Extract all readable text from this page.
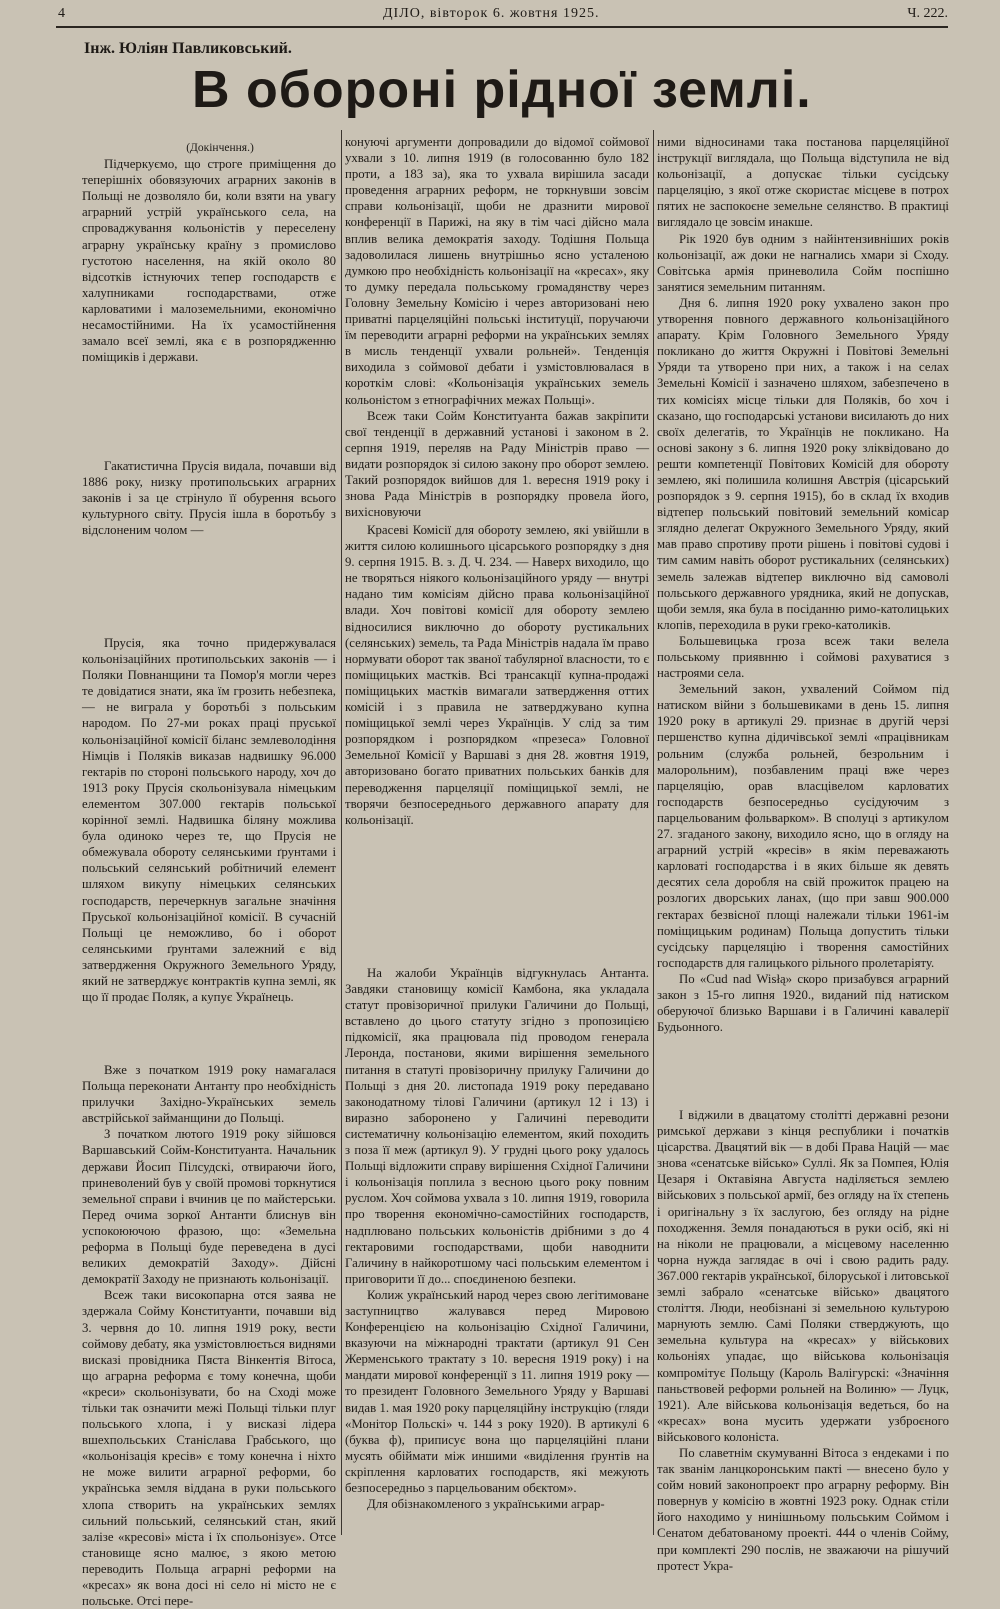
4	ДІЛО, вівторок 6. жовтня 1925.	Ч. 222.
Інж. Юліян Павликовський.
В обороні рідної землі.

(Докінчення.)

Підчеркуємо, що строге приміщення до теперішніх обовязуючих аграрних законів в Польщі не дозволяло би, коли взяти на увагу аграрний устрій українського села, на спроваджування кольоністів у переселену аграрну українську країну з промислово густотою населення, на якій около 80 відсотків істнуючих тепер господарств є халупниками господарствами, отже карловатими і малоземельними, економічно несамостійними. На їх усамостійнення замало всеї землі, яка є в розпорядженню поміщиків і держави.

Гакатистична Прусія видала, почавши від 1886 року, низку протипольських аграрних законів і за це стрінуло її обурення всього культурного світу. Прусія ішла в боротьбу з відслоненим чолом —

Прусія, яка точно придержувалася кольонізаційних протипольських законів — і Поляки Повнанщини та Помор'я могли через те довідатися знати, яка їм грозить небезпека, — не виграла у боротьбі з польським народом. По 27-ми роках праці пруської кольонізаційної комісії біланс землеволодіння Німців і Поляків виказав надвишку 96.000 гектарів по стороні польського народу, хоч до 1913 року Прусія скольонізувала німецьким елементом 307.000 гектарів польської корінної землі. Надвишка біляну можлива була одиноко через те, що Прусія не обмежувала обороту селянськими ґрунтами і польський селянський робітничий елемент шляхом викупу німецьких селянських господарств, перечеркнув загальне значіння Пруської кольонізаційної комісії. В сучасній Польщі це неможливо, бо і оборот селянськими ґрунтами залежний є від затвердження Окружного Земельного Уряду, який не затверджує контрактів купна землі, як що її продає Поляк, а купує Українець.

Вже з початком 1919 року намагалася Польща переконати Антанту про необхідність прилучки Західно-Українських земель австрійської займанщини до Польщі.

З початком лютого 1919 року зійшовся Варшавський Сойм-Конституанта. Начальник держави Йосип Пілсудскі, отвираючи його, приневолений був у своїй промові торкнутися земельної справи і вчинив це по майстерськи. Перед очима зоркої Антанти блиснув він успокоюючою фразою, що: «Земельна реформа в Польщі буде переведена в дусі великих демократій Заходу». Дійсні демократії Заходу не признають кольонізації.

Всеж таки високопарна отся заява не здержала Сойму Конституанти, почавши від 3. червня до 10. липня 1919 року, вести соймову дебату, яка узмістовлюється виднями висказі провідника Пяста Вінкентія Вітоса, що аграрна реформа є тому конечна, щоби «креси» скольонізувати, бо на Сході може тільки так означити межі Польщі тільки плуг польського хлопа, і у висказі лідера вшехпольських Станіслава Грабського, що «кольонізація кресів» є тому конечна і ніхто не може вилити аграрної реформи, бо українська земля віддана в руки польського хлопа створить на українських землях сильний польський, селянський стан, який залізе «кресові» міста і їх спольонізує». Отсе становище ясно малює, з якою метою переводить Польща аграрні реформи на «кресах» як вона досі ні село ні місто не є польське. Отсі пере-

конуючі аргументи допровадили до відомої соймової ухвали з 10. липня 1919 (в голосованню було 182 проти, а 183 за), яка то ухвала вирішила засади проведення аграрних реформ, не торкнувши зовсім справи кольонізації, щоби не дразнити мирової конференції в Парижі, на яку в тім часі дійсно мала вплив велика демократія заходу. Тодішня Польща задоволилася лишень внутрішньо ясно усталеною думкою про необхідність кольонізації на «кресах», яку то думку передала польському громадянству через Головну Земельну Комісію і через авторизовані нею приватні парцеляційні польські інституції, поручаючи їм переводити аграрні реформи на українських землях в мисль тенденції ухвали рольней». Тенденція виходила з соймової дебати і узмістовлювалася в короткім слові: «Кольонізація українських земель кольоністом з етнографічних межах Польщі».

Всеж таки Сойм Конституанта бажав закріпити свої тенденції в державний установі і законом в 2. серпня 1919, переляв на Раду Міністрів право — видати розпорядок зі силою закону про оборот землею. Такий розпорядок вийшов для 1. вересня 1919 року і знова Рада Міністрів в розпорядку провела його, вихісновуючи

Красеві Комісії для обороту землею, які увійшли в життя силою колишнього цісарського розпорядку з дня 9. серпня 1915. В. з. Д. Ч. 234. — Наверх виходило, що не творяться ніякого кольонізаційного уряду — внутрі надано тим комісіям дійсно права кольонізаційної влади. Хоч повітові комісії для обороту землею відносилися виключно до обороту рустикальних (селянських) земель, та Рада Міністрів надала їм право нормувати оборот так званої табулярної власности, то є поміщицьких мастків. Всі трансакції купна-продажі поміщицьких мастків вимагали затвердження оттих комісій і з правила не затверджувано купна поміщицької землі через Українців. У слід за тим розпорядком і розпорядком «презеса» Головної Земельної Комісії у Варшаві з дня 28. жовтня 1919, авторизовано богато приватних польських банків для переводження парцеляції поміщицької землі, не творячи безпосереднього державного апарату для кольонізації.

На жалоби Українців відгукнулась Антанта. Завдяки становищу комісії Камбона, яка укладала статут провізоричної прилуки Галичини до Польщі, вставлено до цього статуту згідно з пропозицією підкомісії, яка працювала під проводом генерала Леронда, постанови, якими вирішення земельного питання в статуті провізоричну прилуку Галичини до Польщі з дня 20. листопада 1919 року передавано законодатному тілові Галичини (артикул 12 і 13) і виразно заборонено у Галичині переводити систематичну кольонізацію елементом, який походить з поза її меж (артикул 9). У грудні цього року удалось Польщі відложити справу вирішення Східної Галичини і кольонізація поплила з весною цього року повним руслом. Хоч соймова ухвала з 10. липня 1919, говорила про творення економічно-самостійних господарств, надплювано польських кольоністів дрібними з до 4 гектаровими господарствами, щоби наводнити Галичину в найкоротшому часі польським елементом і приговорити її до... споєдиненою безпеки.

Колиж український народ через свою легітимоване заступництво жалувався перед Мировою Конференцією на кольонізацію Східної Галичини, вказуючи на міжнародні трактати (артикул 91 Сен Жерменського трактату з 10. вересня 1919 року) і на мандати мирової конференції з 11. липня 1919 року — то президент Головного Земельного Уряду у Варшаві видав 1. мая 1920 року парцеляційну інструкцію (гляди «Монітор Польскі» ч. 144 з року 1920). В артикулі 6 (буква ф), приписує вона що парцеляційні плани мусять обіймати між иншими «виділення ґрунтів на скріплення карловатих господарств, які межують безпосередньо з парцельованим обєктом».

Для обізнакомленого з українськими аграр-

ними відносинами така постанова парцеляційної інструкції виглядала, що Польща відступила не від кольонізації, а допускає тільки сусідську парцеляцію, з якої отже скористає місцеве в потрох пятих не заспокоєне земельне селянство. В практиці виглядало це зовсім инакше.

Рік 1920 був одним з найінтензивніших років кольонізації, аж доки не нагнались хмари зі Сходу. Совітська армія приневолила Сойм поспішно занятися земельним питанням.

Дня 6. липня 1920 року ухвалено закон про утворення повного державного кольонізаційного апарату. Крім Головного Земельного Уряду покликано до життя Окружні і Повітові Земельні Уряди та утворено при них, а також і на селах Земельні Комісії і зазначено шляхом, забезпечено в тих комісіях місце тільки для Поляків, бо хоч і сказано, що господарські установи висилають до них своїх делегатів, то Українців не покликано. На основі закону з 6. липня 1920 року зліквідовано до решти компетенції Повітових Комісій для обороту землею, які полишила колишня Австрія (цісарський розпорядок з 9. серпня 1915), бо в склад їх входив відтепер польський повітовий земельний комісар зглядно делегат Окружного Земельного Уряду, який мав право спротиву проти рішень і повітові судові і тим самим навіть оборот рустикальних (селянських) земель залежав відтепер виключно від самоволі польського державного урядника, який не допускав, щоби земля, яка була в посіданню римо-католицьких клопів, переходила в руки греко-католиків.

Большевицька гроза всеж таки велела польському приявнню і соймові рахуватися з настроями села.

Земельний закон, ухвалений Соймом під натиском війни з большевиками в день 15. липня 1920 року в артикулі 29. признає в другій черзі першенство купна дідичівської землі «працівникам рольним (служба рольней, безрольним і малорольним), позбавленим праці вже через парцеляцію, орав власцівелом карловатих господарств безпосередньо сусідуючим з парцельованим фольварком». В сполуці з артикулом 27. згаданого закону, виходило ясно, що в огляду на аграрний устрій «кресів» в якім переважають карловаті господарства і в яких більше як девять десятих села доробля на свій прожиток працею на розлогих дворських ланах, (що при завш 900.000 гектарах безвісної площі належали тільки 1961-ім поміщицьким родинам) Польща допустить тільки сусідську парцеляцію і творення самостійних господарств для галицького рільного пролетаріяту.

По «Cud nad Wisłą» скоро призабувся аграрний закон з 15-го липня 1920., виданий під натиском оберуючої близько Варшави і в Галичині кавалерії Будьонного.

І віджили в двацатому столітті державні резони римської держави з кінця республики і початків цісарства. Двацятий вік — в добі Права Націй — має знова «сенатське військо» Суллі. Як за Помпея, Юлія Цезаря і Октавіяна Августа наділяється землею військових з польської армії, без огляду на їх степень і оригінальну з їх заслугою, без огляду на рідне походження. Земля понадаються в руки осіб, які ні на ніколи не працювали, а місцевому населенню чорна нужда заглядає в очі і свою радить раду. 367.000 гектарів української, білоруської і литовської землі забрало «сенатське військо» двацятого століття. Люди, необізнані зі земельною культурою марнують землю. Самі Поляки стверджують, що земельна культура на «кресах» у військових кольоніях упадає, що військова кольонізація компромітує Польщу (Кароль Валігурскі: «Значіння паньствовей реформи рольней на Волиню» — Луцк, 1921). Але військова кольонізація ведеться, бо на «кресах» вона мусить удержати узброєного військового колоніста.

По славетнім скумуванні Вітоса з ендеками і по так званім ланцкоронським пакті — внесено було у сойм новий законопроект про аграрну реформу. Він повернув у комісію в жовтні 1923 року. Однак стіли його находимо у нинішньому польським Соймом і Сенатом дебатованому проекті. 444 о членів Сойму, при комплекті 290 послів, не зважаючи на рішучий протест Укра-
